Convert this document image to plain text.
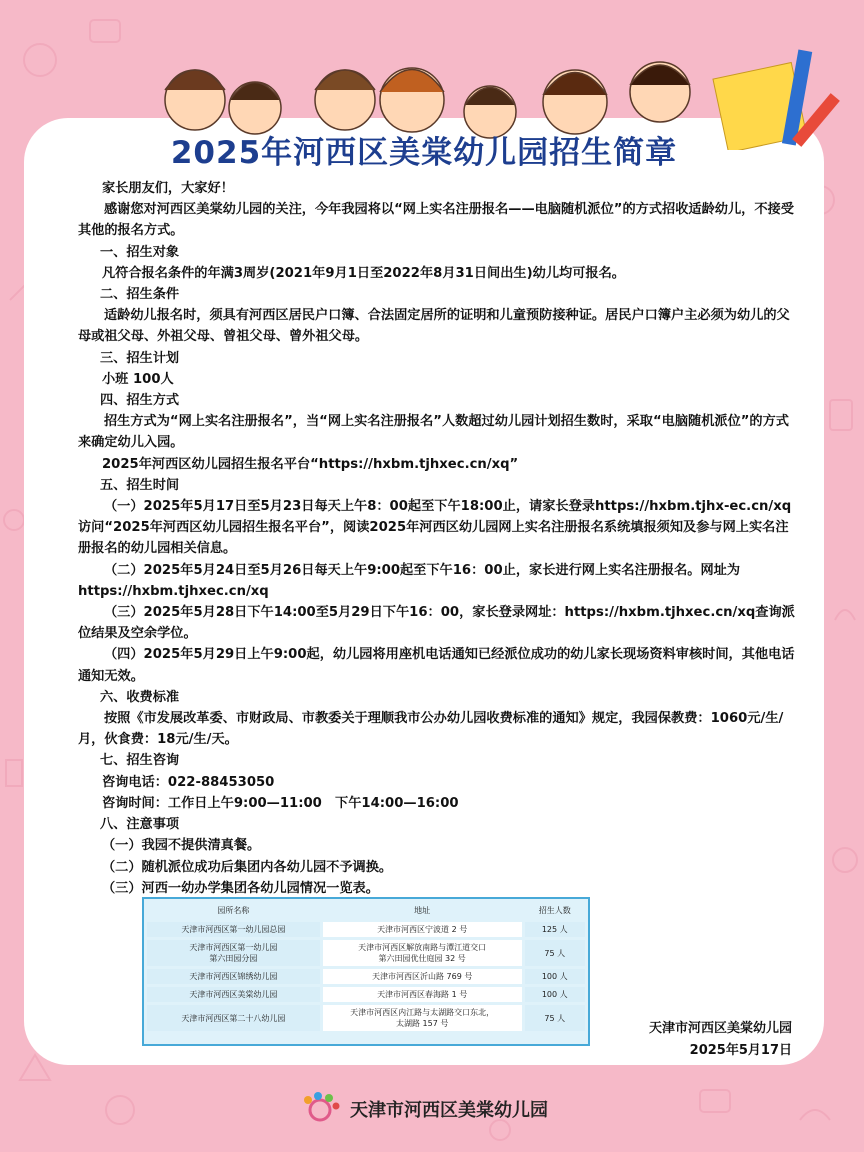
2025年河西区美棠幼儿园招生简章

家长朋友们，大家好！

感谢您对河西区美棠幼儿园的关注，今年我园将以“网上实名注册报名——电脑随机派位”的方式招收适龄幼儿，不接受其他的报名方式。

一、招生对象

凡符合报名条件的年满3周岁(2021年9月1日至2022年8月31日间出生)幼儿均可报名。

二、招生条件

适龄幼儿报名时，须具有河西区居民户口簿、合法固定居所的证明和儿童预防接种证。居民户口簿户主必须为幼儿的父母或祖父母、外祖父母、曾祖父母、曾外祖父母。

三、招生计划

小班 100人

四、招生方式

招生方式为“网上实名注册报名”，当“网上实名注册报名”人数超过幼儿园计划招生数时，采取“电脑随机派位”的方式来确定幼儿入园。

2025年河西区幼儿园招生报名平台“https://hxbm.tjhxec.cn/xq”

五、招生时间

（一）2025年5月17日至5月23日每天上午8：00起至下午18:00止，请家长登录https://hxbm.tjhx-ec.cn/xq访问“2025年河西区幼儿园招生报名平台”，阅读2025年河西区幼儿园网上实名注册报名系统填报须知及参与网上实名注册报名的幼儿园相关信息。

（二）2025年5月24日至5月26日每天上午9:00起至下午16：00止，家长进行网上实名注册报名。网址为https://hxbm.tjhxec.cn/xq

（三）2025年5月28日下午14:00至5月29日下午16：00，家长登录网址：https://hxbm.tjhxec.cn/xq查询派位结果及空余学位。

（四）2025年5月29日上午9:00起，幼儿园将用座机电话通知已经派位成功的幼儿家长现场资料审核时间，其他电话通知无效。

六、收费标准

按照《市发展改革委、市财政局、市教委关于理顺我市公办幼儿园收费标准的通知》规定，我园保教费：1060元/生/月，伙食费：18元/生/天。

七、招生咨询

咨询电话：022-88453050

咨询时间：工作日上午9:00—11:00　下午14:00—16:00

八、注意事项

（一）我园不提供清真餐。

（二）随机派位成功后集团内各幼儿园不予调换。

（三）河西一幼办学集团各幼儿园情况一览表。

园所名称	地址	招生人数
天津市河西区第一幼儿园总园	天津市河西区宁波道 2 号	125 人
天津市河西区第一幼儿园
第六田园分园	天津市河西区解放南路与潭江道交口
第六田园优仕庭园 32 号	75 人
天津市河西区锦绣幼儿园	天津市河西区沂山路 769 号	100 人
天津市河西区美棠幼儿园	天津市河西区春海路 1 号	100 人
天津市河西区第二十八幼儿园	天津市河西区内江路与太湖路交口东北，
太湖路 157 号	75 人
天津市河西区美棠幼儿园
2025年5月17日
天津市河西区美棠幼儿园
